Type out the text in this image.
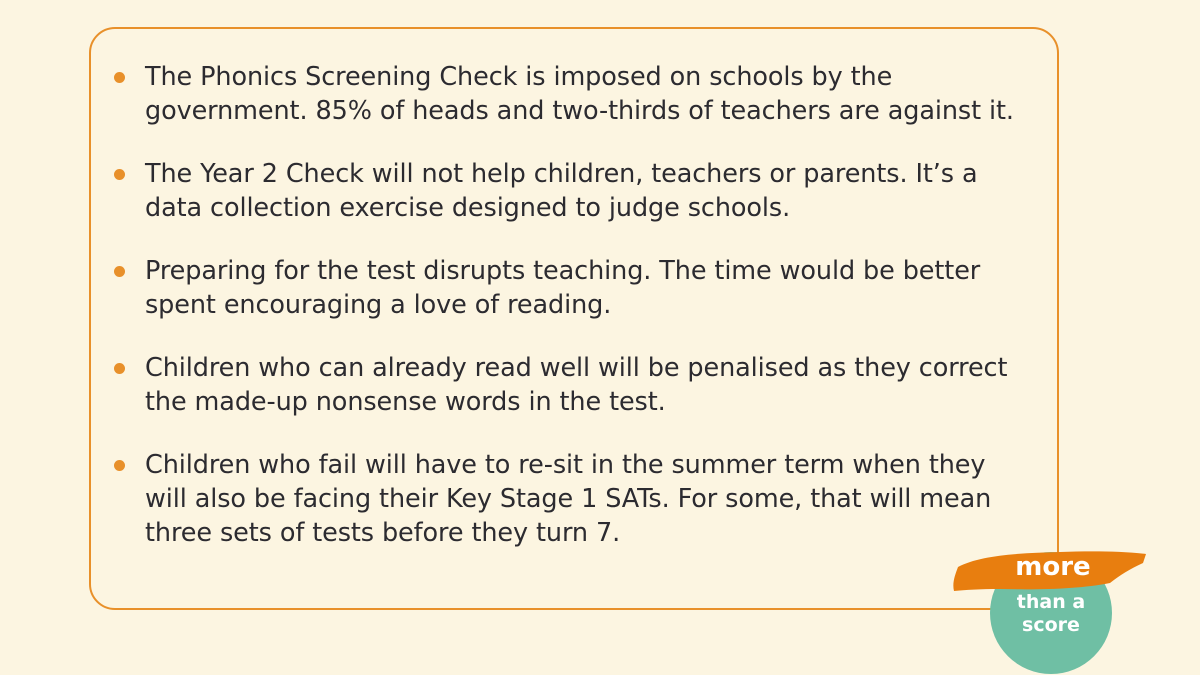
The Phonics Screening Check is imposed on schools by the government. 85% of heads and two-thirds of teachers are against it.
The Year 2 Check will not help children, teachers or parents. It’s a data collection exercise designed to judge schools.
Preparing for the test disrupts teaching. The time would be better spent encouraging a love of reading.
Children who can already read well will be penalised as they correct the made-up nonsense words in the test.
Children who fail will have to re-sit in the summer term when they will also be facing their Key Stage 1 SATs. For some, that will mean three sets of tests before they turn 7.
more
than a
score
